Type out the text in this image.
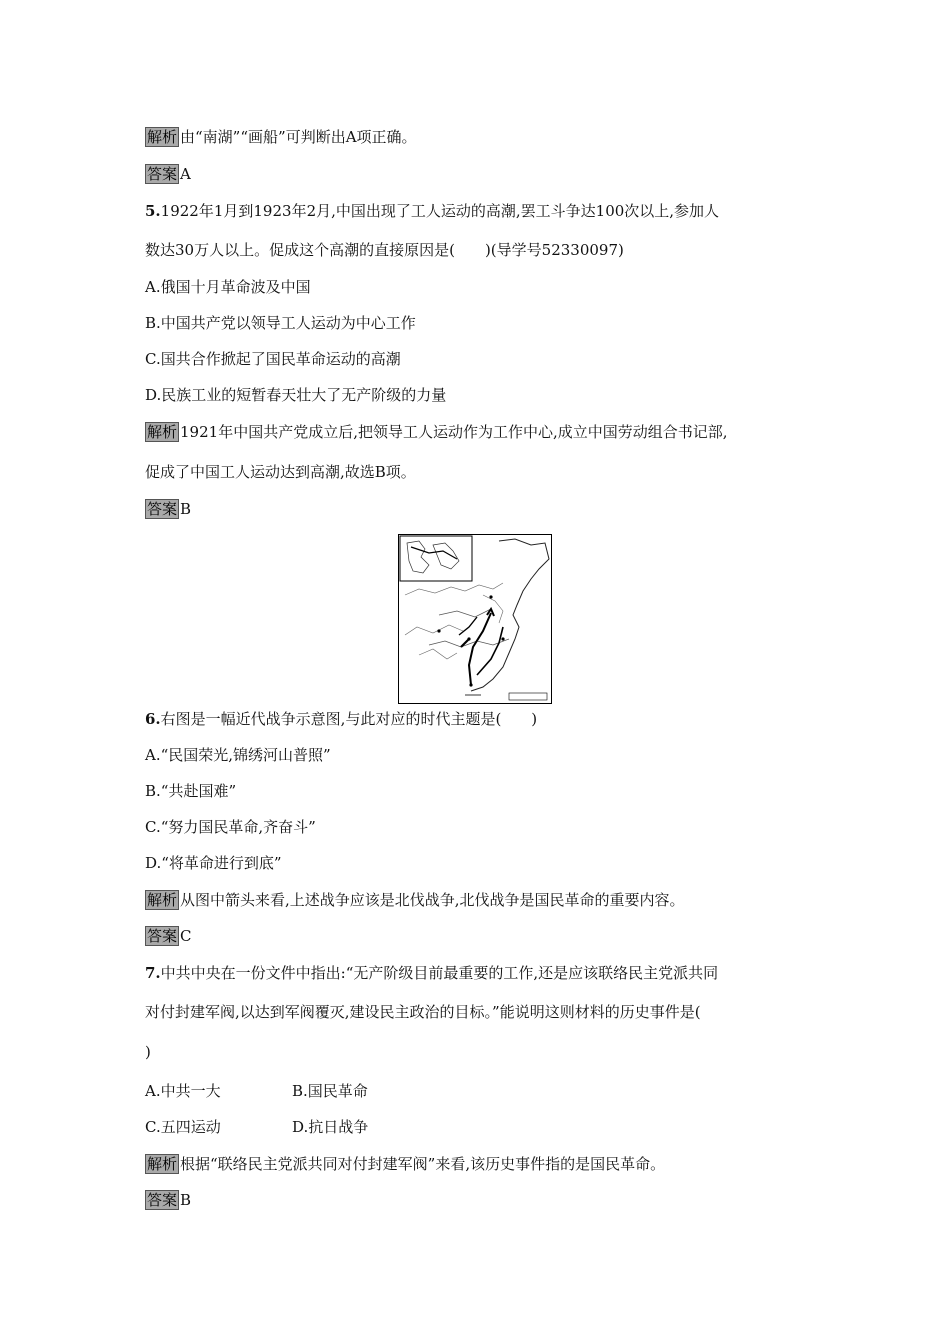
解析 由“南湖”“画船”可判断出A项正确。
答案 A
5.1922年1月到1923年2月,中国出现了工人运动的高潮,罢工斗争达100次以上,参加人
数达30万人以上。促成这个高潮的直接原因是(　　)(导学号52330097)
A.俄国十月革命波及中国
B.中国共产党以领导工人运动为中心工作
C.国共合作掀起了国民革命运动的高潮
D.民族工业的短暂春天壮大了无产阶级的力量
解析 1921年中国共产党成立后,把领导工人运动作为工作中心,成立中国劳动组合书记部,
促成了中国工人运动达到高潮,故选B项。
答案 B
6.右图是一幅近代战争示意图,与此对应的时代主题是(　　)
A.“民国荣光,锦绣河山普照”
B.“共赴国难”
C.“努力国民革命,齐奋斗”
D.“将革命进行到底”
解析 从图中箭头来看,上述战争应该是北伐战争,北伐战争是国民革命的重要内容。
答案 C
7.中共中央在一份文件中指出:“无产阶级目前最重要的工作,还是应该联络民主党派共同
对付封建军阀,以达到军阀覆灭,建设民主政治的目标。”能说明这则材料的历史事件是(
)
A.中共一大	B.国民革命
C.五四运动	D.抗日战争
解析 根据“联络民主党派共同对付封建军阀”来看,该历史事件指的是国民革命。
答案 B
